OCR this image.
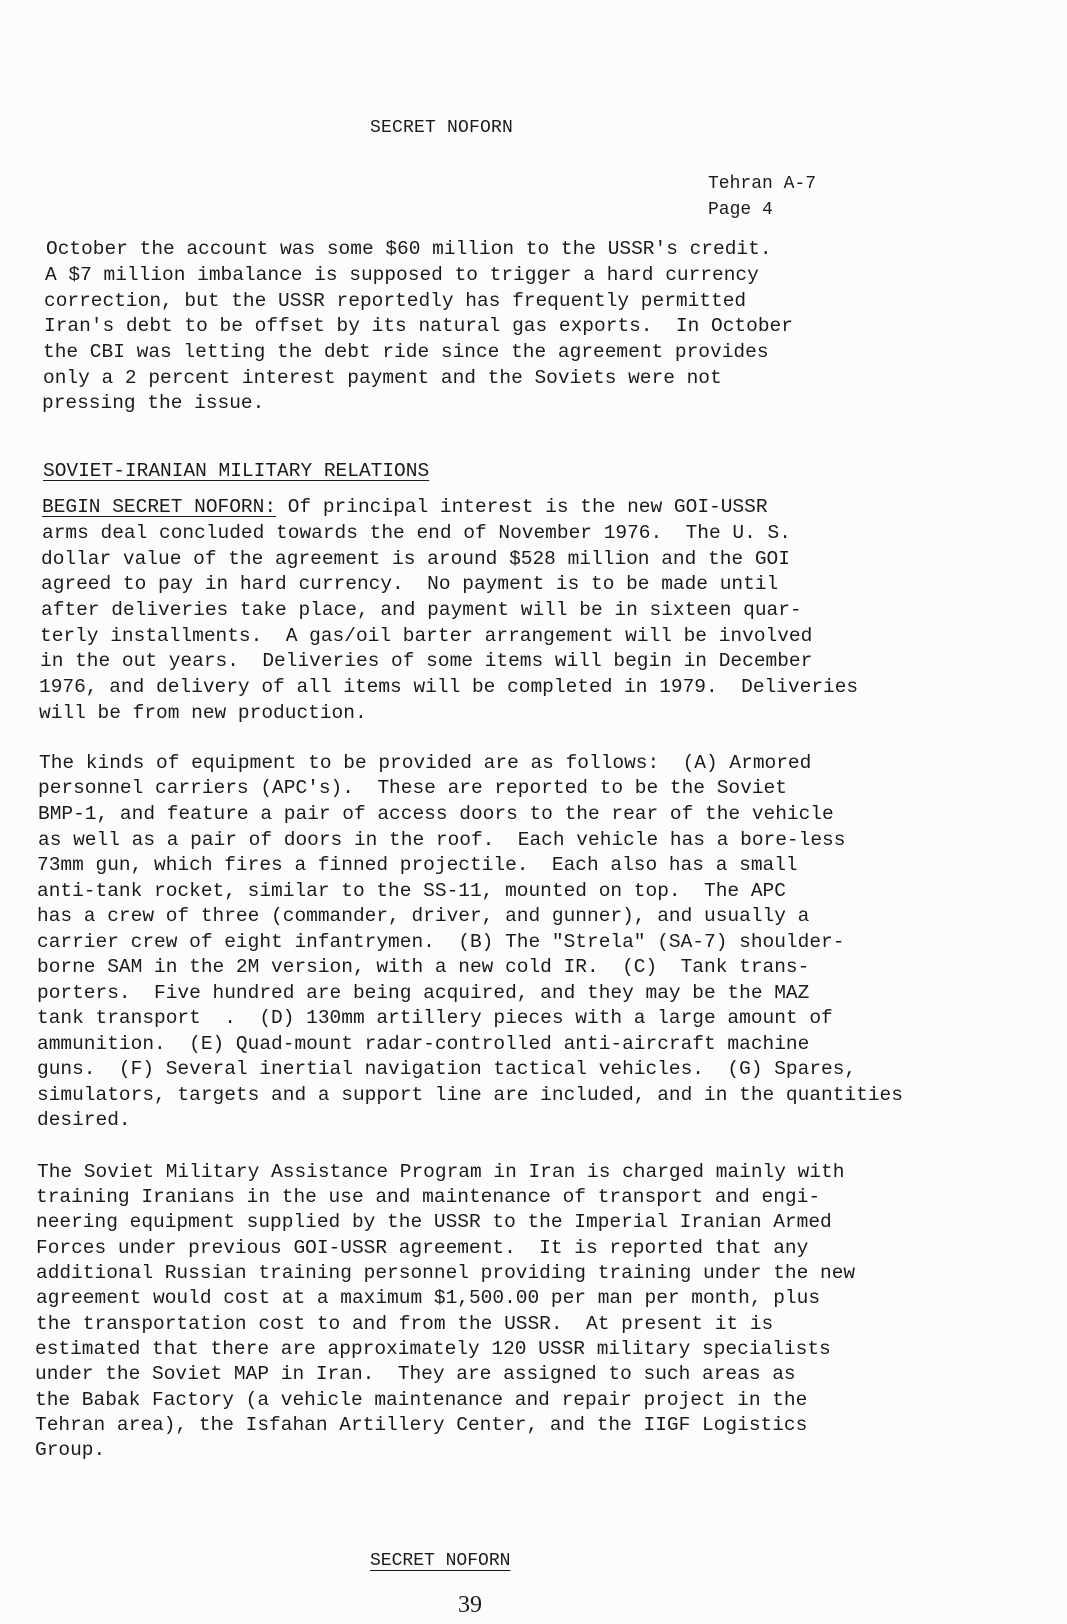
SECRET NOFORN
Tehran A-7
Page 4
October the account was some $60 million to the USSR's credit.
A $7 million imbalance is supposed to trigger a hard currency
correction, but the USSR reportedly has frequently permitted
Iran's debt to be offset by its natural gas exports.  In October
the CBI was letting the debt ride since the agreement provides
only a 2 percent interest payment and the Soviets were not
pressing the issue.
SOVIET-IRANIAN MILITARY RELATIONS
BEGIN SECRET NOFORN: Of principal interest is the new GOI-USSR
arms deal concluded towards the end of November 1976.  The U. S.
dollar value of the agreement is around $528 million and the GOI
agreed to pay in hard currency.  No payment is to be made until
after deliveries take place, and payment will be in sixteen quar-
terly installments.  A gas/oil barter arrangement will be involved
in the out years.  Deliveries of some items will begin in December
1976, and delivery of all items will be completed in 1979.  Deliveries
will be from new production.
The kinds of equipment to be provided are as follows:  (A) Armored
personnel carriers (APC's).  These are reported to be the Soviet
BMP-1, and feature a pair of access doors to the rear of the vehicle
as well as a pair of doors in the roof.  Each vehicle has a bore-less
73mm gun, which fires a finned projectile.  Each also has a small
anti-tank rocket, similar to the SS-11, mounted on top.  The APC
has a crew of three (commander, driver, and gunner), and usually a
carrier crew of eight infantrymen.  (B) The "Strela" (SA-7) shoulder-
borne SAM in the 2M version, with a new cold IR.  (C)  Tank trans-
porters.  Five hundred are being acquired, and they may be the MAZ
tank transport  .  (D) 130mm artillery pieces with a large amount of
ammunition.  (E) Quad-mount radar-controlled anti-aircraft machine
guns.  (F) Several inertial navigation tactical vehicles.  (G) Spares,
simulators, targets and a support line are included, and in the quantities
desired.
The Soviet Military Assistance Program in Iran is charged mainly with
training Iranians in the use and maintenance of transport and engi-
neering equipment supplied by the USSR to the Imperial Iranian Armed
Forces under previous GOI-USSR agreement.  It is reported that any
additional Russian training personnel providing training under the new
agreement would cost at a maximum $1,500.00 per man per month, plus
the transportation cost to and from the USSR.  At present it is
estimated that there are approximately 120 USSR military specialists
under the Soviet MAP in Iran.  They are assigned to such areas as
the Babak Factory (a vehicle maintenance and repair project in the
Tehran area), the Isfahan Artillery Center, and the IIGF Logistics
Group.
SECRET NOFORN
39
